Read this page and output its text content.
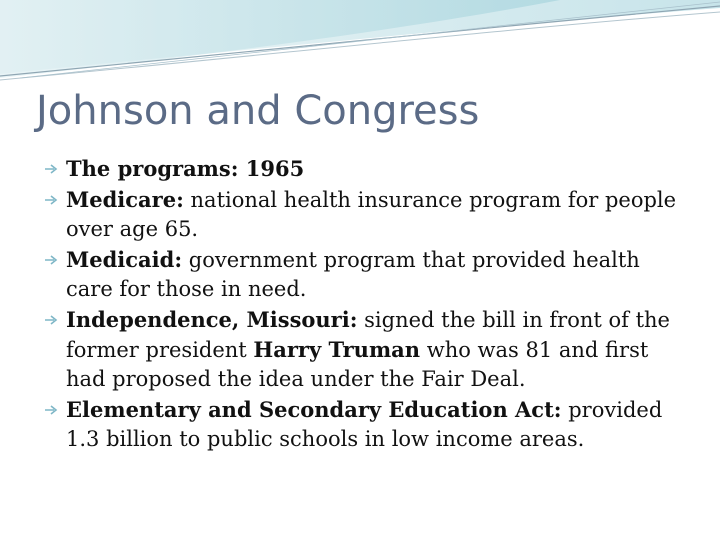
Johnson and Congress
The programs: 1965
Medicare: national health insurance program for people over age 65.
Medicaid: government program that provided health care for those in need.
Independence, Missouri: signed the bill in front of the former president Harry Truman who was 81 and first had proposed the idea under the Fair Deal.
Elementary and Secondary Education Act: provided 1.3 billion to public schools in low income areas.
